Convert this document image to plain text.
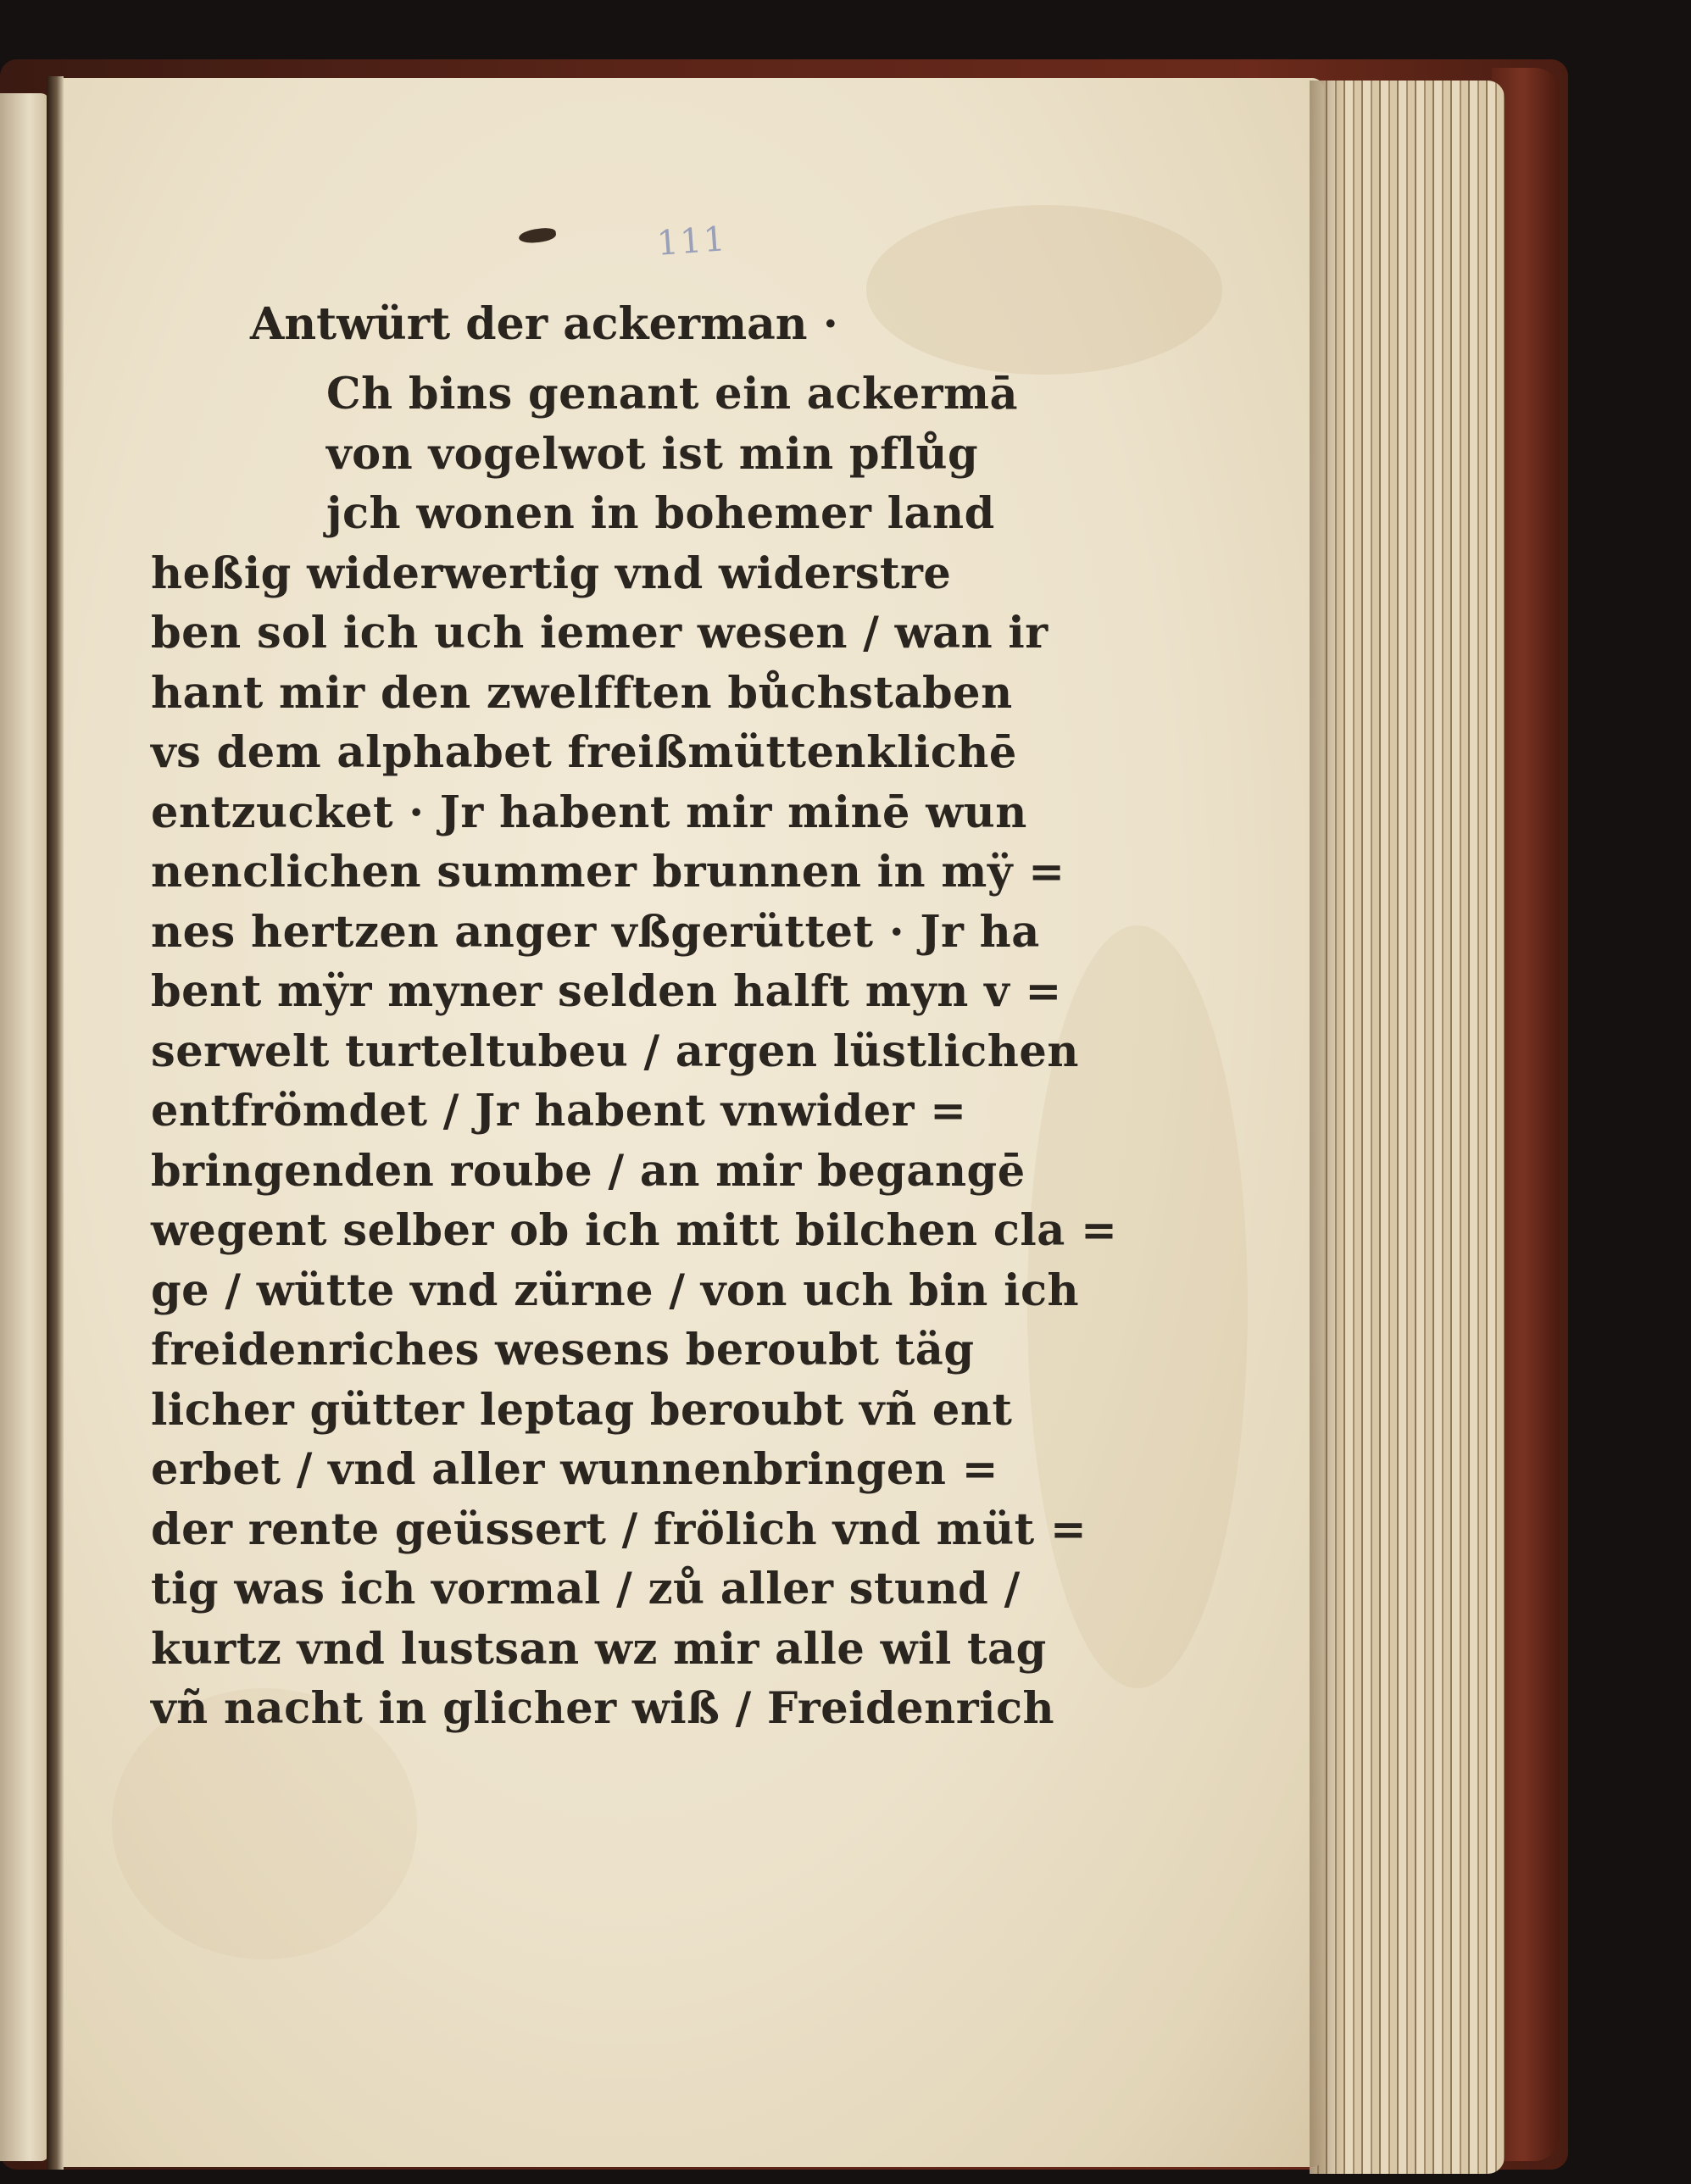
111
Antwürt der ackerman ·
Ch bins genant ein ackermā
von vogelwot ist min pflůg
jch wonen in bohemer land
heßig widerwertig vnd widerstre
ben sol ich uch iemer wesen / wan ir
hant mir den zwelfften bůchstaben
vs dem alphabet freißmüttenklichē
entzucket · Jr habent mir minē wun
nenclichen summer brunnen in mÿ =
nes hertzen anger vßgerüttet · Jr ha
bent mÿr myner selden halft myn v =
serwelt turteltubeu / argen lüstlichen
entfrömdet / Jr habent vnwider =
bringenden roube / an mir begangē
wegent selber ob ich mitt bilchen cla =
ge / wütte vnd zürne / von uch bin ich
freidenriches wesens beroubt täg
licher gütter leptag beroubt vñ ent
erbet / vnd aller wunnenbringen =
der rente geüssert / frölich vnd müt =
tig was ich vormal / zů aller stund /
kurtz vnd lustsan wz mir alle wil tag
vñ nacht in glicher wiß / Freidenrich
